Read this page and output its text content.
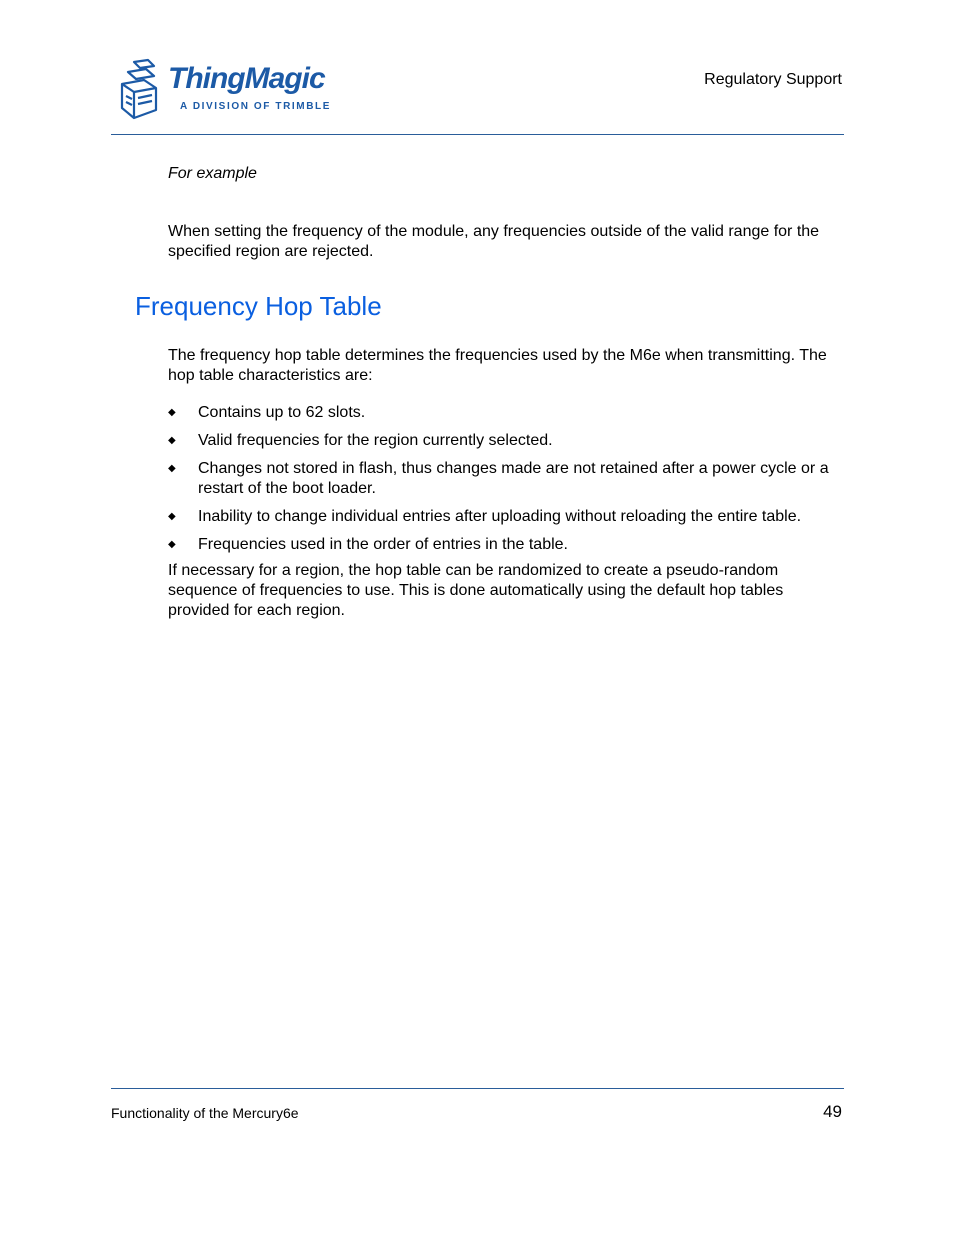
ThingMagic
A DIVISION OF TRIMBLE
Regulatory Support
For example
When setting the frequency of the module, any frequencies outside of the valid range for the specified region are rejected.
Frequency Hop Table
The frequency hop table determines the frequencies used by the M6e when transmitting. The hop table characteristics are:
◆ Contains up to 62 slots.
◆ Valid frequencies for the region currently selected.
◆ Changes not stored in flash, thus changes made are not retained after a power cycle or a restart of the boot loader.
◆ Inability to change individual entries after uploading without reloading the entire table.
◆ Frequencies used in the order of entries in the table.
If necessary for a region, the hop table can be randomized to create a pseudo-random sequence of frequencies to use. This is done automatically using the default hop tables provided for each region.
Functionality of the Mercury6e	49
